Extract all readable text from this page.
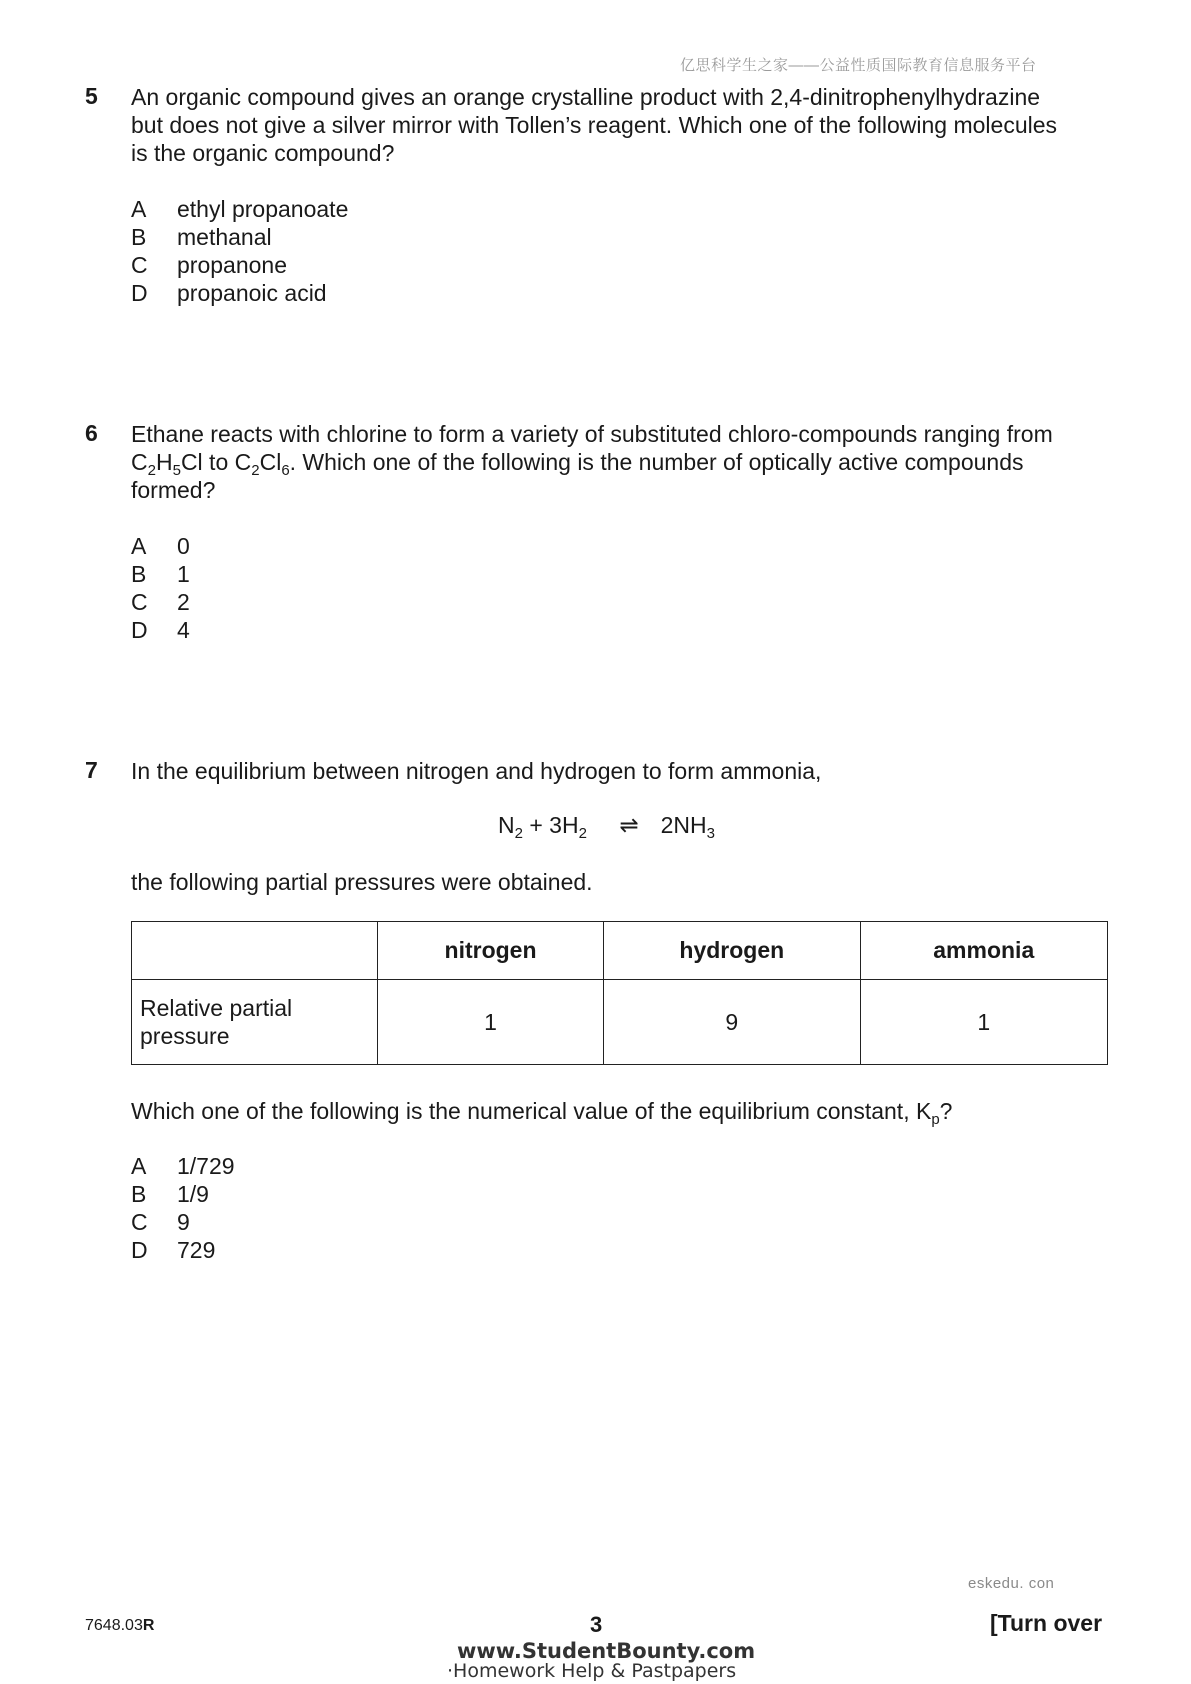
亿思科学生之家——公益性质国际教育信息服务平台
5 An organic compound gives an orange crystalline product with 2,4-dinitrophenylhydrazine
but does not give a silver mirror with Tollen’s reagent. Which one of the following molecules
is the organic compound?
A ethyl propanoate
B methanal
C propanone
D propanoic acid
6 Ethane reacts with chlorine to form a variety of substituted chloro-compounds ranging from
$C_2H_5Cl$ to $C_2Cl_6$. Which one of the following is the number of optically active compounds
formed?
A 0
B 1
C 2
D 4
7 In the equilibrium between nitrogen and hydrogen to form ammonia,
$N_2 + 3H_2$ ⇌ $2NH_3$
the following partial pressures were obtained.
	nitrogen	hydrogen	ammonia

Relative partial
pressure	1	9	1
Which one of the following is the numerical value of the equilibrium constant, $K_p$?
A 1/729
B 1/9
C 9
D 729
eskedu. con
7648.03R	3	[Turn over
www.StudentBounty.com
·Homework Help & Pastpapers
